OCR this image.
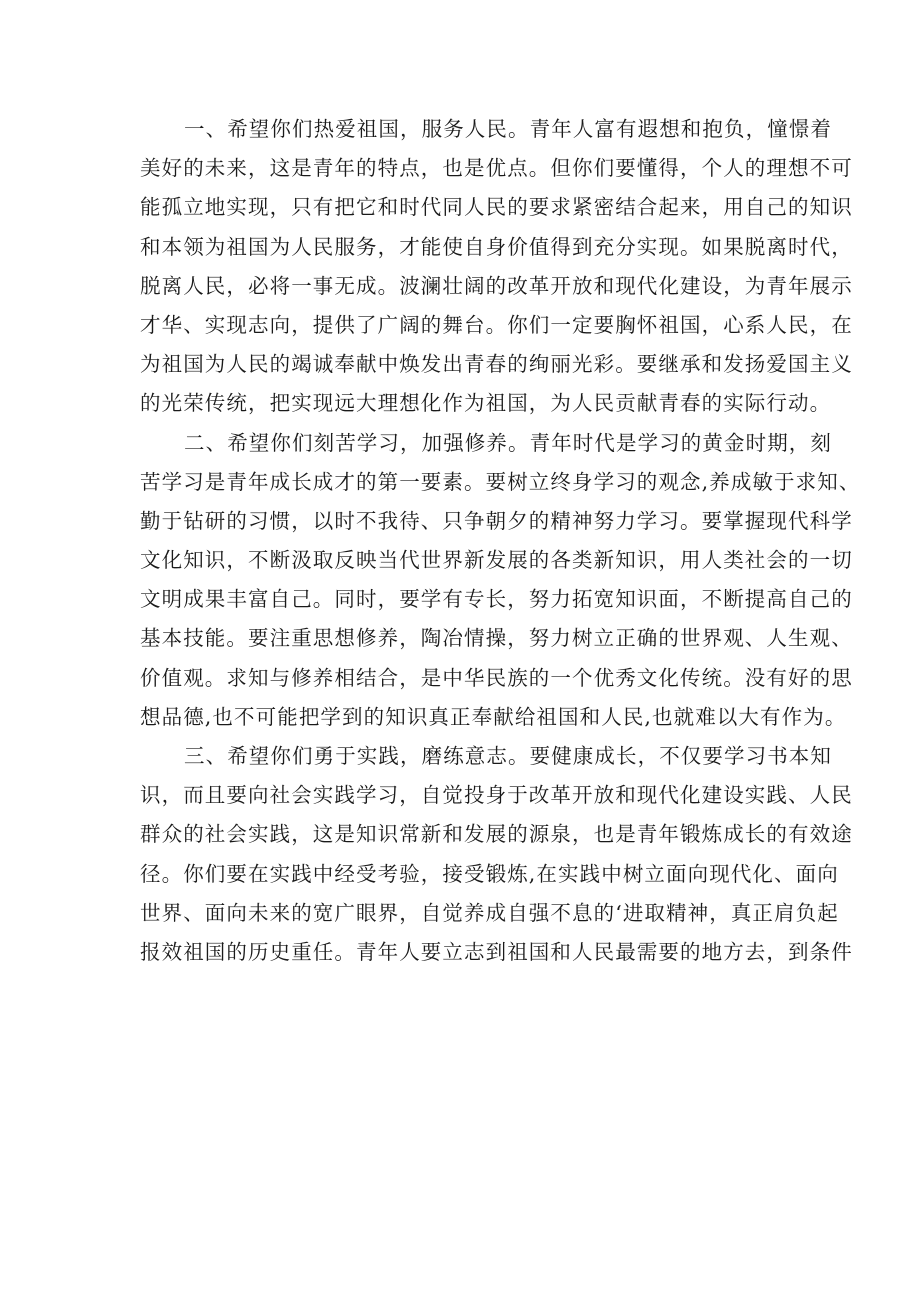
一、希望你们热爱祖国，服务人民。青年人富有遐想和抱负，憧憬着
美好的未来，这是青年的特点，也是优点。但你们要懂得，个人的理想不可
能孤立地实现，只有把它和时代同人民的要求紧密结合起来，用自己的知识
和本领为祖国为人民服务，才能使自身价值得到充分实现。如果脱离时代，
脱离人民，必将一事无成。波澜壮阔的改革开放和现代化建设，为青年展示
才华、实现志向，提供了广阔的舞台。你们一定要胸怀祖国，心系人民，在
为祖国为人民的竭诚奉献中焕发出青春的绚丽光彩。要继承和发扬爱国主义
的光荣传统，把实现远大理想化作为祖国，为人民贡献青春的实际行动。
二、希望你们刻苦学习，加强修养。青年时代是学习的黄金时期，刻
苦学习是青年成长成才的第一要素。要树立终身学习的观念,养成敏于求知、
勤于钻研的习惯，以时不我待、只争朝夕的精神努力学习。要掌握现代科学
文化知识，不断汲取反映当代世界新发展的各类新知识，用人类社会的一切
文明成果丰富自己。同时，要学有专长，努力拓宽知识面，不断提高自己的
基本技能。要注重思想修养，陶冶情操，努力树立正确的世界观、人生观、
价值观。求知与修养相结合，是中华民族的一个优秀文化传统。没有好的思
想品德,也不可能把学到的知识真正奉献给祖国和人民,也就难以大有作为。
三、希望你们勇于实践，磨练意志。要健康成长，不仅要学习书本知
识，而且要向社会实践学习，自觉投身于改革开放和现代化建设实践、人民
群众的社会实践，这是知识常新和发展的源泉，也是青年锻炼成长的有效途
径。你们要在实践中经受考验，接受锻炼,在实践中树立面向现代化、面向
世界、面向未来的宽广眼界，自觉养成自强不息的‘进取精神，真正肩负起
报效祖国的历史重任。青年人要立志到祖国和人民最需要的地方去，到条件
